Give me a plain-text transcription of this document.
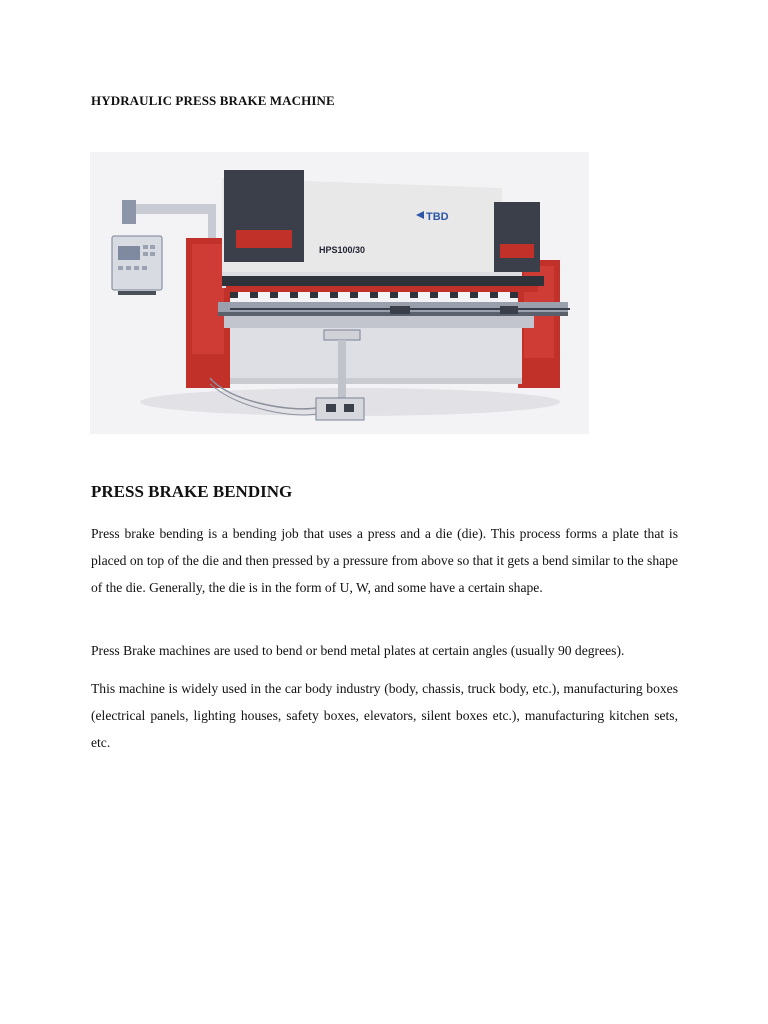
HYDRAULIC PRESS BRAKE MACHINE
TBD
HPS100/30
PRESS BRAKE BENDING

Press brake bending is a bending job that uses a press and a die (die). This process forms a plate that is placed on top of the die and then pressed by a pressure from above so that it gets a bend similar to the shape of the die. Generally, the die is in the form of U, W, and some have a certain shape.

Press Brake machines are used to bend or bend metal plates at certain angles (usually 90 degrees).

This machine is widely used in the car body industry (body, chassis, truck body, etc.), manufacturing boxes (electrical panels, lighting houses, safety boxes, elevators, silent boxes etc.), manufacturing kitchen sets, etc.
